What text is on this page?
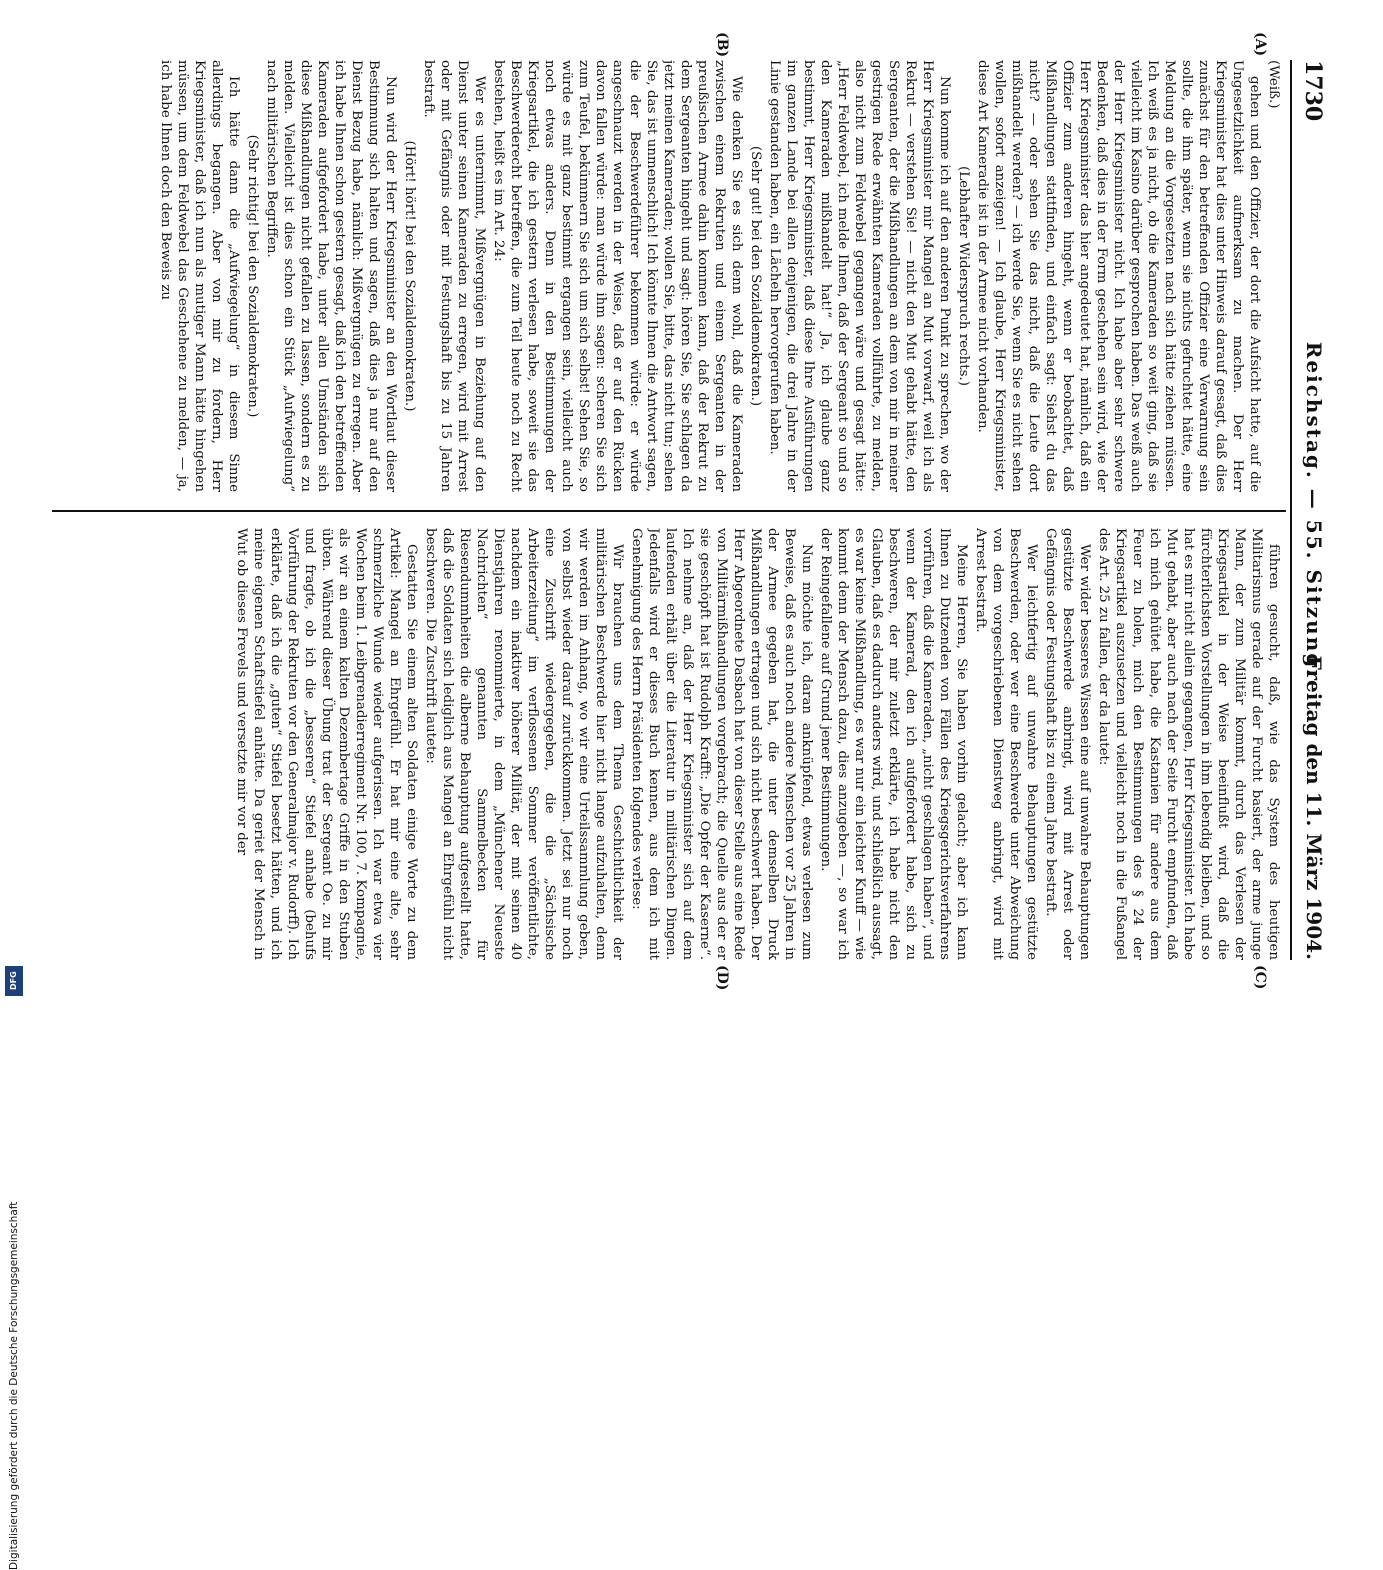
1730
Reichstag. — 55. Sitzung.
Freitag den 11. März 1904.

(Weiß.)

gehen und den Offizier, der dort die Aufsicht hatte, auf die Ungesetzlichkeit aufmerksam zu machen. Der Herr Kriegsminister hat dies unter Hinweis darauf gesagt, daß dies zunächst für den betreffenden Offizier eine Verwarnung sein sollte, die ihm später, wenn sie nichts gefruchtet hätte, eine Meldung an die Vorgesetzten nach sich hätte ziehen müssen. Ich weiß es ja nicht, ob die Kameraden so weit ging, daß sie vielleicht im Kasino darüber gesprochen haben. Das weiß auch der Herr Kriegsminister nicht. Ich habe aber sehr schwere Bedenken, daß dies in der Form geschehen sein wird, wie der Herr Kriegsminister das hier angedeutet hat, nämlich, daß ein Offizier zum anderen hingeht, wenn er beobachtet, daß Mißhandlungen stattfinden, und einfach sagt: Siehst du das nicht? — oder sehen Sie das nicht, daß die Leute dort mißhandelt werden? — ich werde Sie, wenn Sie es nicht sehen wollen, sofort anzeigen! — Ich glaube, Herr Kriegsminister, diese Art Kameradie ist in der Armee nicht vorhanden.

(Lebhafter Widerspruch rechts.)

Nun komme ich auf den anderen Punkt zu sprechen, wo der Herr Kriegsminister mir Mangel an Mut vorwarf, weil ich als Rekrut — verstehen Sie! — nicht den Mut gehabt hätte, den Sergeanten, der die Mißhandlungen an dem von mir in meiner gestrigen Rede erwähnten Kameraden vollführte, zu melden, also nicht zum Feldwebel gegangen wäre und gesagt hätte: „Herr Feldwebel, ich melde Ihnen, daß der Sergeant so und so den Kameraden mißhandelt hat!“ Ja, ich glaube ganz bestimmt, Herr Kriegsminister, daß diese Ihre Ausführungen im ganzen Lande bei allen denjenigen, die drei Jahre in der Linie gestanden haben, ein Lächeln hervorgerufen haben.

(Sehr gut! bei den Sozialdemokraten.)

Wie denken Sie es sich denn wohl, daß die Kameraden zwischen einem Rekruten und einem Sergeanten in der preußischen Armee dahin kommen kann, daß der Rekrut zu dem Sergeanten hingeht und sagt: hören Sie, Sie schlagen da jetzt meinen Kameraden; wollen Sie, bitte, das nicht tun; sehen Sie, das ist unmenschlich! Ich könnte Ihnen die Antwort sagen, die der Beschwerdeführer bekommen würde: er würde angeschnauzt werden in der Weise, daß er auf den Rücken davon fallen würde: man würde ihm sagen: scheren Sie sich zum Teufel, bekümmern Sie sich um sich selbst! Sehen Sie, so würde es mit ganz bestimmt ergangen sein, vielleicht auch noch etwas anders. Denn in den Bestimmungen der Kriegsartikel, die ich gestern verlesen habe, soweit sie das Beschwerderecht betreffen, die zum Teil heute noch zu Recht bestehen, heißt es im Art. 24:

Wer es unternimmt, Mißvergnügen in Beziehung auf den Dienst unter seinen Kameraden zu erregen, wird mit Arrest oder mit Gefängnis oder mit Festungshaft bis zu 15 Jahren bestraft.

(Hört! hört! bei den Sozialdemokraten.)

Nun wird der Herr Kriegsminister an den Wortlaut dieser Bestimmung sich halten und sagen, daß dies ja nur auf den Dienst Bezug habe, nämlich: Mißvergnügen zu erregen. Aber ich habe Ihnen schon gestern gesagt, daß ich den betreffenden Kameraden aufgefordert habe, unter allen Umständen sich diese Mißhandlungen nicht gefallen zu lassen, sondern es zu melden. Vielleicht ist dies schon ein Stück „Aufwiegelung“ nach militärischen Begriffen.

(Sehr richtig! bei den Sozialdemokraten.)

Ich hätte dann die „Aufwiegelung“ in diesem Sinne allerdings begangen. Aber von mir zu fordern, Herr Kriegsminister, daß ich nun als mutiger Mann hätte hingehen müssen, um dem Feldwebel das Geschehene zu melden, — ja, ich habe Ihnen doch den Beweis zu

(A)
(B)

führen gesucht, daß, wie das System des heutigen Militarismus gerade auf der Furcht basiert, der arme junge Mann, der zum Militär kommt, durch das Verlesen der Kriegsartikel in der Weise beeinflußt wird, daß die fürchterlichsten Vorstellungen in ihm lebendig bleiben, und so hat es mir nicht allein gegangen, Herr Kriegsminister. Ich habe Mut gehabt, aber auch nach der Seite Furcht empfunden, daß ich mich gehütet habe, die Kastanien für andere aus dem Feuer zu holen, mich den Bestimmungen des § 24 der Kriegsartikel auszusetzen und vielleicht noch in die Fußangel des Art. 25 zu fallen, der da lautet:

Wer wider besseres Wissen eine auf unwahre Behauptungen gestützte Beschwerde anbringt, wird mit Arrest oder Gefängnis oder Festungshaft bis zu einem Jahre bestraft.

Wer leichtfertig auf unwahre Behauptungen gestützte Beschwerden, oder wer eine Beschwerde unter Abweichung von dem vorgeschriebenen Dienstweg anbringt, wird mit Arrest bestraft.

Meine Herren, Sie haben vorhin gelacht; aber ich kann Ihnen zu Dutzenden von Fällen des Kriegsgerichtsverfahrens vorführen, daß die Kameraden, „nicht geschlagen haben“, und wenn der Kamerad, den ich aufgefordert habe, sich zu beschweren, der mir zuletzt erklärte, ich habe nicht den Glauben, daß es dadurch anders wird, und schließlich aussagt, es war keine Mißhandlung, es war nur ein leichter Knuff — wie kommt denn der Mensch dazu, dies anzugeben —, so war ich der Reingefallene auf Grund jener Bestimmungen.

Nun möchte ich, daran anknüpfend, etwas verlesen zum Beweise, daß es auch noch andere Menschen vor 25 Jahren in der Armee gegeben hat, die unter demselben Druck Mißhandlungen ertragen und sich nicht beschwert haben. Der Herr Abgeordnete Dasbach hat von dieser Stelle aus eine Rede von Militärmißhandlungen vorgebracht; die Quelle aus der er sie geschöpft hat ist Rudolph Krafft: „Die Opfer der Kaserne“. Ich nehme an, daß der Herr Kriegsminister sich auf dem laufenden erhält über die Literatur in militärischen Dingen. Jedenfalls wird er dieses Buch kennen, aus dem ich mit Genehmigung des Herrn Präsidenten folgendes verlese:

Wir brauchen uns dem Thema Geschichtlichkeit der militärischen Beschwerde hier nicht lange aufzuhalten, denn wir werden im Anhang, wo wir eine Urteilssammlung geben, von selbst wieder darauf zurückkommen. Jetzt sei nur noch eine Zuschrift wiedergegeben, die die „Sächsische Arbeiterzeitung“ im verflossenen Sommer veröffentlichte, nachdem ein inaktiver höherer Militär, der mit seinen 40 Dienstjahren renommierte, in dem „Münchener Neueste Nachrichten“ genannten Sammelbecken für Riesendummheiten die alberne Behauptung aufgestellt hatte, daß die Soldaten sich lediglich aus Mangel an Ehrgefühl nicht beschweren. Die Zuschrift lautete:

Gestatten Sie einem alten Soldaten einige Worte zu dem Artikel: Mangel an Ehrgefühl. Er hat mir eine alte, sehr schmerzliche Wunde wieder aufgerissen. Ich war etwa vier Wochen beim 1. Leibgrenadierregiment Nr. 100, 7. Kompagnie, als wir an einem kalten Dezembertage Griffe in den Stuben übten. Während dieser Übung trat der Sergeant Oe. zu mir und fragte, ob ich die „besseren“ Stiefel anhabe (behufs Vorführung der Rekruten vor den Generalmajor v. Rudorff). Ich erklärte, daß ich die „guten“ Stiefel besetzt hätten, und ich meine eigenen Schaftstiefel anhätte. Da geriet der Mensch in Wut ob dieses Frevels und versetzte mir vor der

(C)
(D)
Digitalisierung gefördert durch die Deutsche Forschungsgemeinschaft
DFG
